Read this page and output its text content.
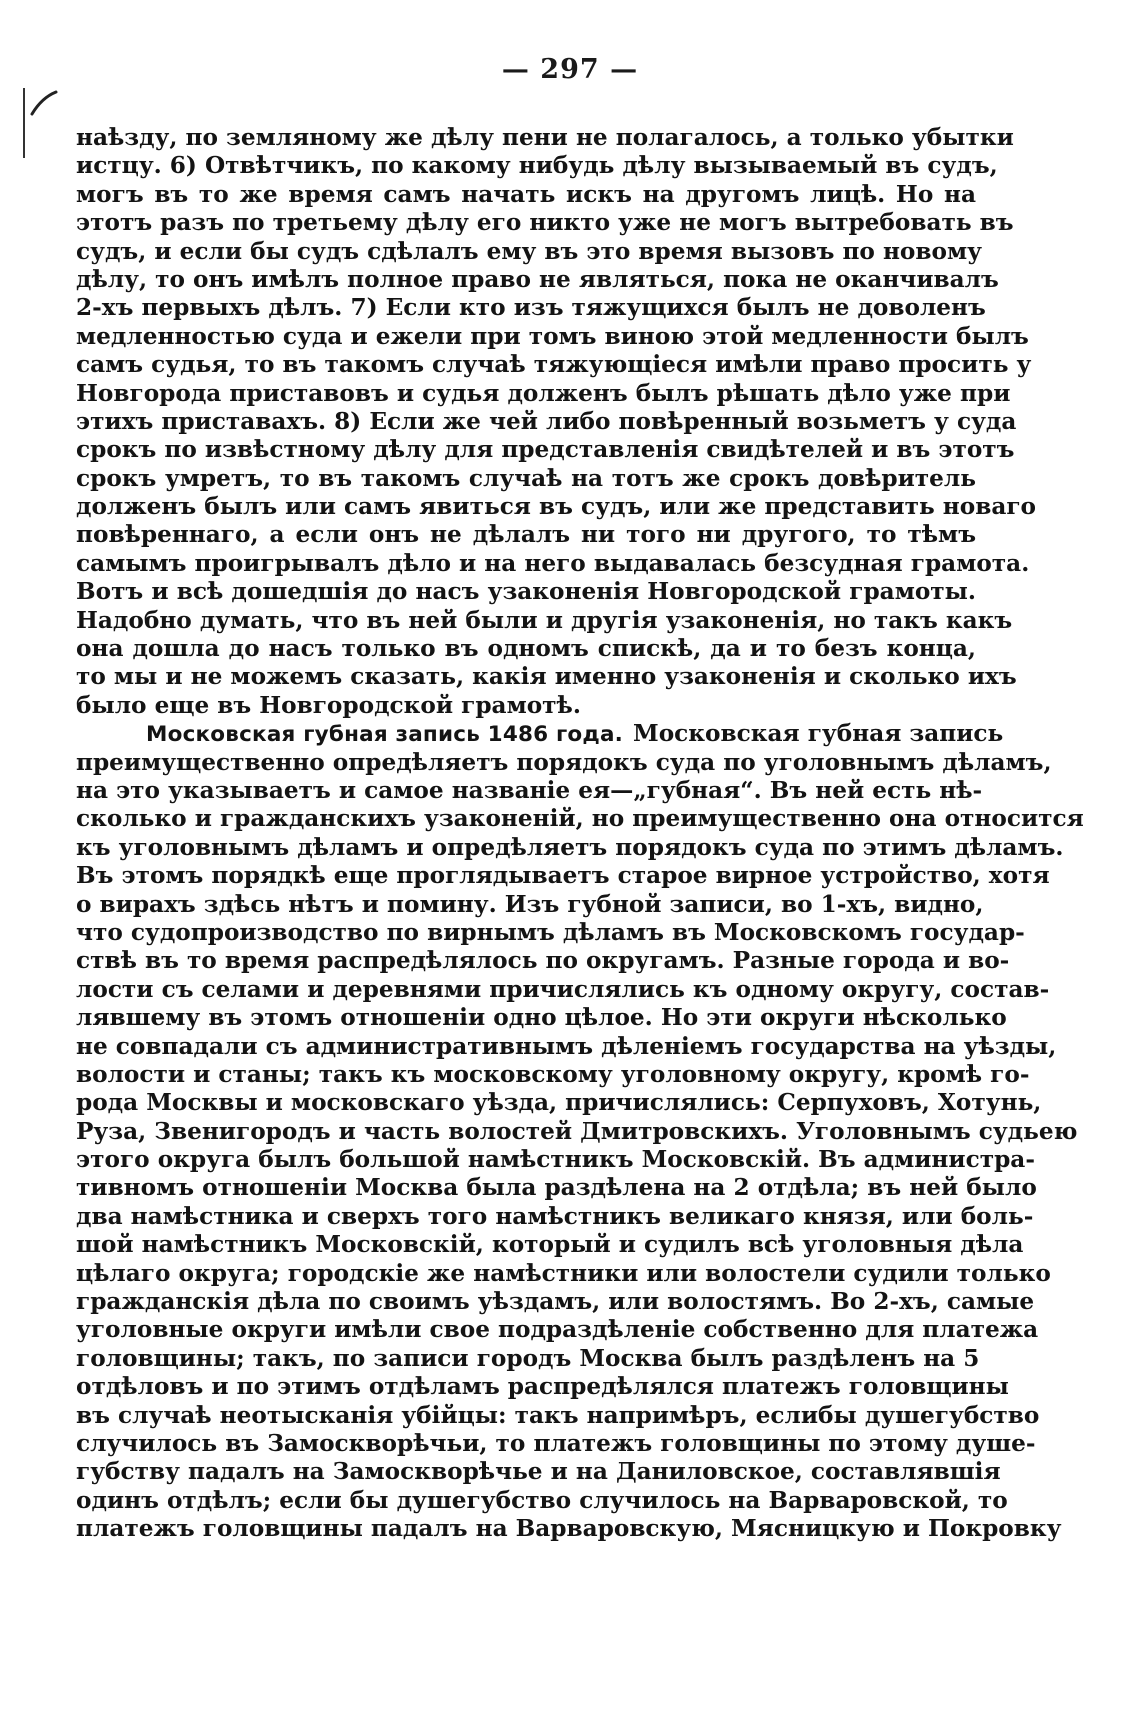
— 297 —
наѣзду, по земляному же дѣлу пени не полагалось, а только убытки
истцу. 6) Отвѣтчикъ, по какому нибудь дѣлу вызываемый въ судъ,
могъ въ то же время самъ начать искъ на другомъ лицѣ. Но на
этотъ разъ по третьему дѣлу его никто уже не могъ вытребовать въ
судъ, и если бы судъ сдѣлалъ ему въ это время вызовъ по новому
дѣлу, то онъ имѣлъ полное право не являться, пока не оканчивалъ
2-хъ первыхъ дѣлъ. 7) Если кто изъ тяжущихся былъ не доволенъ
медленностью суда и ежели при томъ виною этой медленности былъ
самъ судья, то въ такомъ случаѣ тяжующіеся имѣли право просить у
Новгорода приставовъ и судья долженъ былъ рѣшать дѣло уже при
этихъ приставахъ. 8) Если же чей либо повѣренный возьметъ у суда
срокъ по извѣстному дѣлу для представленія свидѣтелей и въ этотъ
срокъ умретъ, то въ такомъ случаѣ на тотъ же срокъ довѣритель
долженъ былъ или самъ явиться въ судъ, или же представить новаго
повѣреннаго, а если онъ не дѣлалъ ни того ни другого, то тѣмъ
самымъ проигрывалъ дѣло и на него выдавалась безсудная грамота.
Вотъ и всѣ дошедшія до насъ узаконенія Новгородской грамоты.
Надобно думать, что въ ней были и другія узаконенія, но такъ какъ
она дошла до насъ только въ одномъ спискѣ, да и то безъ конца,
то мы и не можемъ сказать, какія именно узаконенія и сколько ихъ
было еще въ Новгородской грамотѣ.
Московская губная запись 1486 года. Московская губная запись
преимущественно опредѣляетъ порядокъ суда по уголовнымъ дѣламъ,
на это указываетъ и самое названіе ея—„губная“. Въ ней есть нѣ-
сколько и гражданскихъ узаконеній, но преимущественно она относится
къ уголовнымъ дѣламъ и опредѣляетъ порядокъ суда по этимъ дѣламъ.
Въ этомъ порядкѣ еще проглядываетъ старое вирное устройство, хотя
о вирахъ здѣсь нѣтъ и помину. Изъ губной записи, во 1-хъ, видно,
что судопроизводство по вирнымъ дѣламъ въ Московскомъ государ-
ствѣ въ то время распредѣлялось по округамъ. Разные города и во-
лости съ селами и деревнями причислялись къ одному округу, состав-
лявшему въ этомъ отношеніи одно цѣлое. Но эти округи нѣсколько
не совпадали съ административнымъ дѣленіемъ государства на уѣзды,
волости и станы; такъ къ московскому уголовному округу, кромѣ го-
рода Москвы и московскаго уѣзда, причислялись: Серпуховъ, Хотунь,
Руза, Звенигородъ и часть волостей Дмитровскихъ. Уголовнымъ судьею
этого округа былъ большой намѣстникъ Московскій. Въ администра-
тивномъ отношеніи Москва была раздѣлена на 2 отдѣла; въ ней было
два намѣстника и сверхъ того намѣстникъ великаго князя, или боль-
шой намѣстникъ Московскій, который и судилъ всѣ уголовныя дѣла
цѣлаго округа; городскіе же намѣстники или волостели судили только
гражданскія дѣла по своимъ уѣздамъ, или волостямъ. Во 2-хъ, самые
уголовные округи имѣли свое подраздѣленіе собственно для платежа
головщины; такъ, по записи городъ Москва былъ раздѣленъ на 5
отдѣловъ и по этимъ отдѣламъ распредѣлялся платежъ головщины
въ случаѣ неотысканія убійцы: такъ напримѣръ, еслибы душегубство
случилось въ Замоскворѣчьи, то платежъ головщины по этому душе-
губству падалъ на Замоскворѣчье и на Даниловское, составлявшія
одинъ отдѣлъ; если бы душегубство случилось на Варваровской, то
платежъ головщины падалъ на Варваровскую, Мясницкую и Покровку
